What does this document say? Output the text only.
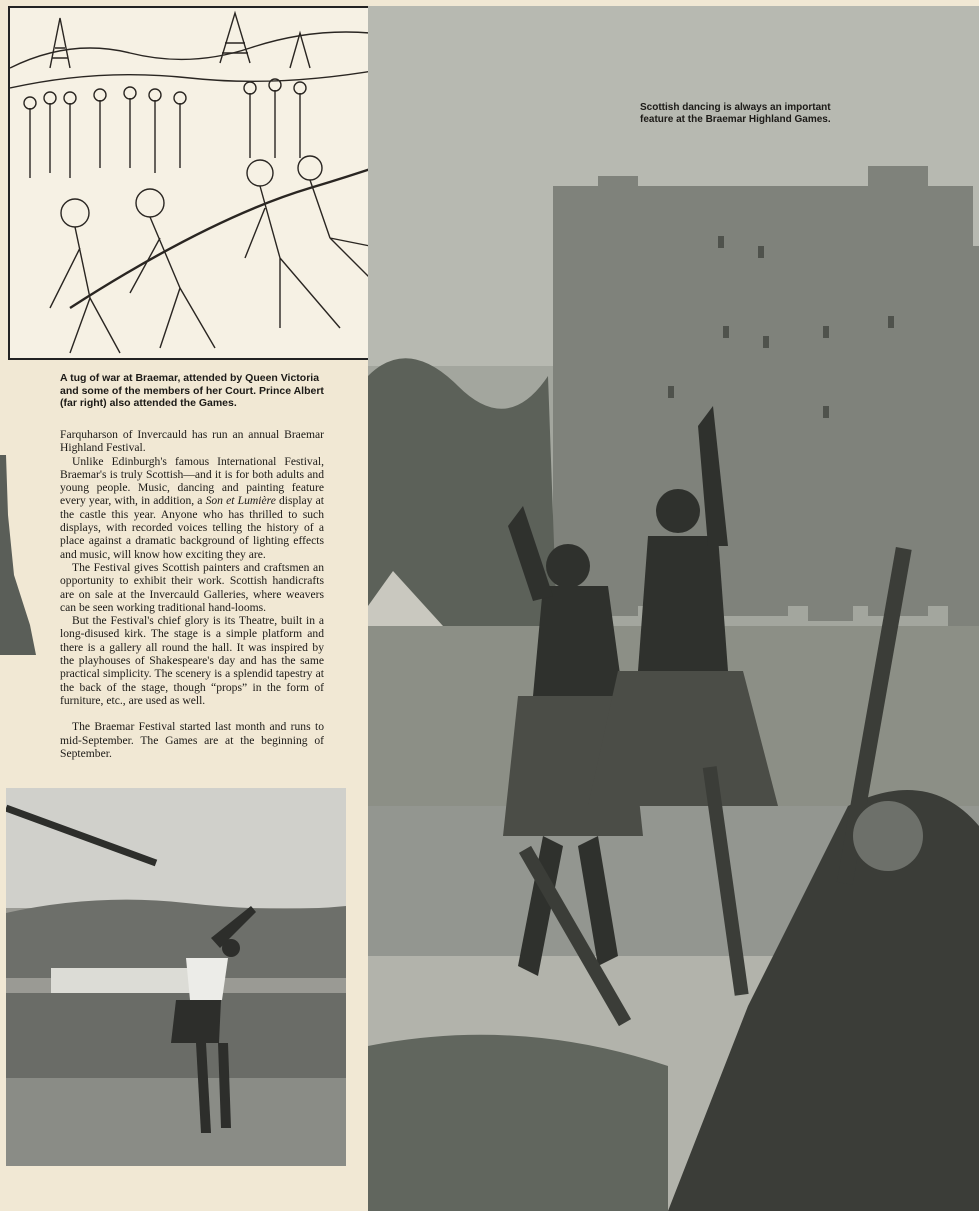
A tug of war at Braemar, attended by Queen Victoria and some of the members of her Court. Prince Albert (far right) also attended the Games.
Scottish dancing is always an important feature at the Braemar Highland Games.

Farquharson of Invercauld has run an annual Braemar Highland Festival.

Unlike Edinburgh's famous International Festival, Braemar's is truly Scottish—and it is for both adults and young people. Music, dancing and painting feature every year, with, in addition, a Son et Lumière display at the castle this year. Anyone who has thrilled to such displays, with recorded voices telling the history of a place against a dramatic background of lighting effects and music, will know how exciting they are.

The Festival gives Scottish painters and craftsmen an opportunity to exhibit their work. Scottish handicrafts are on sale at the Invercauld Galleries, where weavers can be seen working traditional hand-looms.

But the Festival's chief glory is its Theatre, built in a long-disused kirk. The stage is a simple platform and there is a gallery all round the hall. It was inspired by the playhouses of Shakespeare's day and has the same practical simplicity. The scenery is a splendid tapestry at the back of the stage, though “props” in the form of furniture, etc., are used as well.

The Braemar Festival started last month and runs to mid-September. The Games are at the beginning of September.
